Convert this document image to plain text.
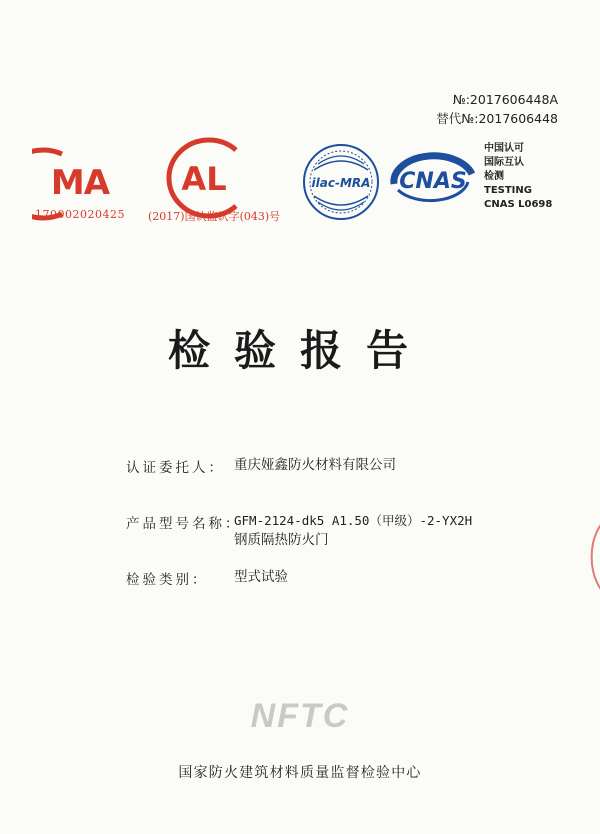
№:2017606448A
替代№:2017606448
MA
170002020425
AL
(2017)国认监认字(043)号
ilac-MRA CNAS
中国认可
国际互认
检测
TESTING
CNAS L0698
检验报告
认证委托人： 重庆娅鑫防火材料有限公司
产品型号名称：
GFM-2124-dk5 A1.50（甲级）-2-YX2H
钢质隔热防火门
检验类别： 型式试验
NFTC
国家防火建筑材料质量监督检验中心
